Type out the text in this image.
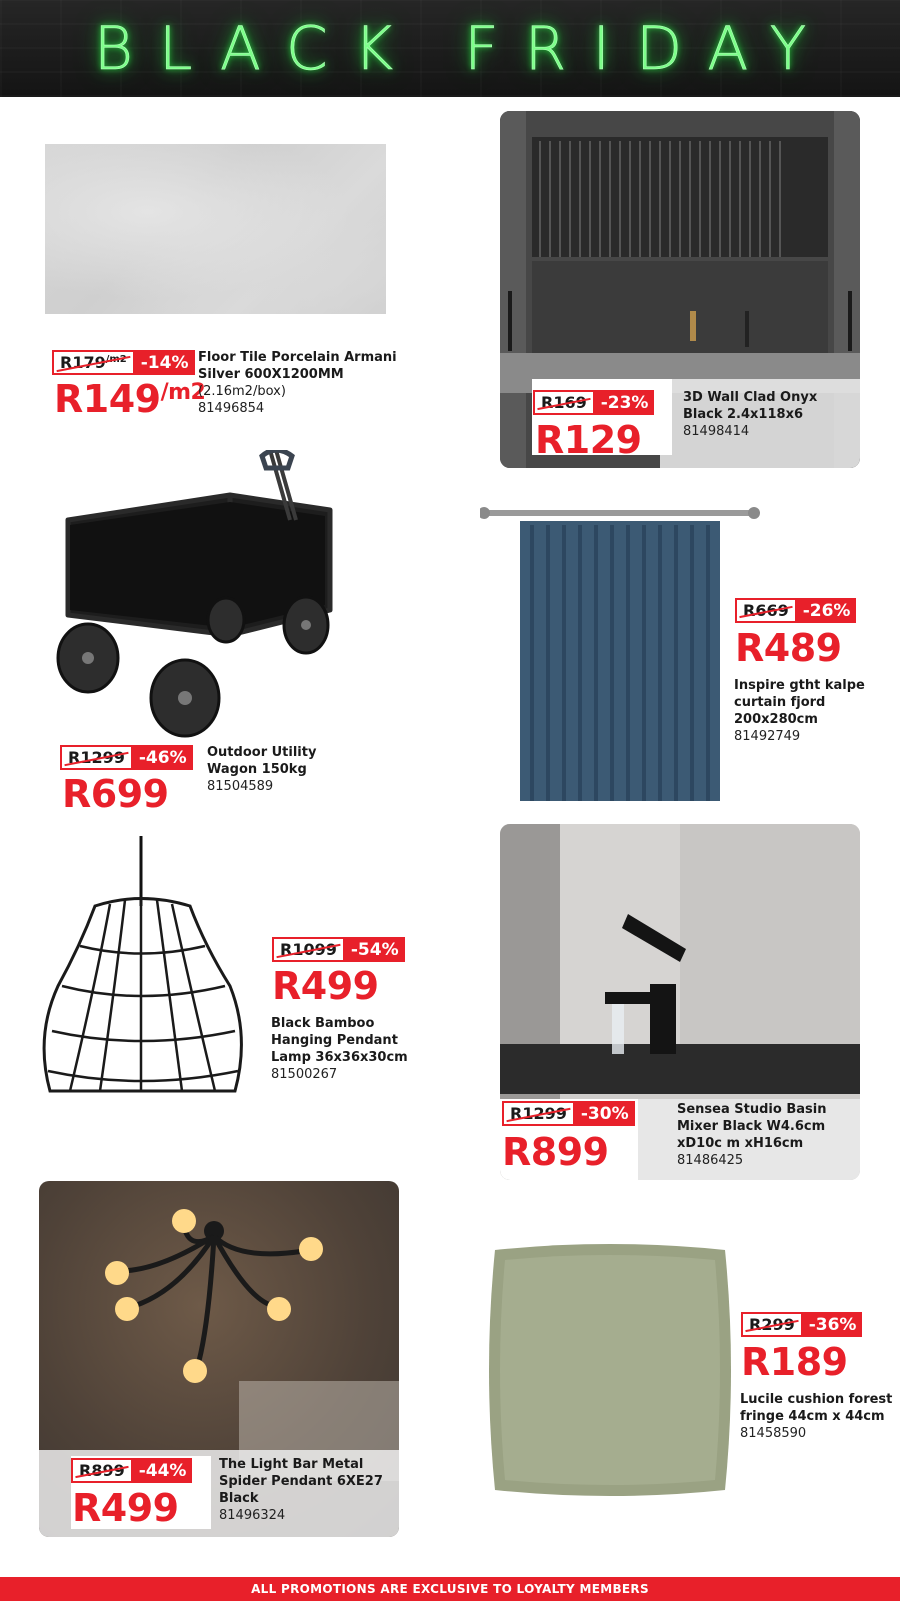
BLACK FRIDAY
R179 /m2 -14%
$R149^{/m2}$
Floor Tile Porcelain Armani
Silver 600X1200MM
(2.16m2/box)
81496854	R169 -23%
R129
3D Wall Clad Onyx
Black 2.4x118x6
81498414
R1299 -46%
R699
Outdoor Utility
Wagon 150kg
81504589
R669 -26%
R489
Inspire gtht kalpe
curtain fjord
200x280cm
81492749
R1099 -54%
R499
Black Bamboo
Hanging Pendant
Lamp 36x36x30cm
81500267
R1299 -30%
R899
Sensea Studio Basin
Mixer Black W4.6cm
xD10c m xH16cm
81486425
R899 -44%
R499
The Light Bar Metal
Spider Pendant 6XE27
Black
81496324
R299 -36%
R189
Lucile cushion forest
fringe 44cm x 44cm
81458590
ALL PROMOTIONS ARE EXCLUSIVE TO LOYALTY MEMBERS
